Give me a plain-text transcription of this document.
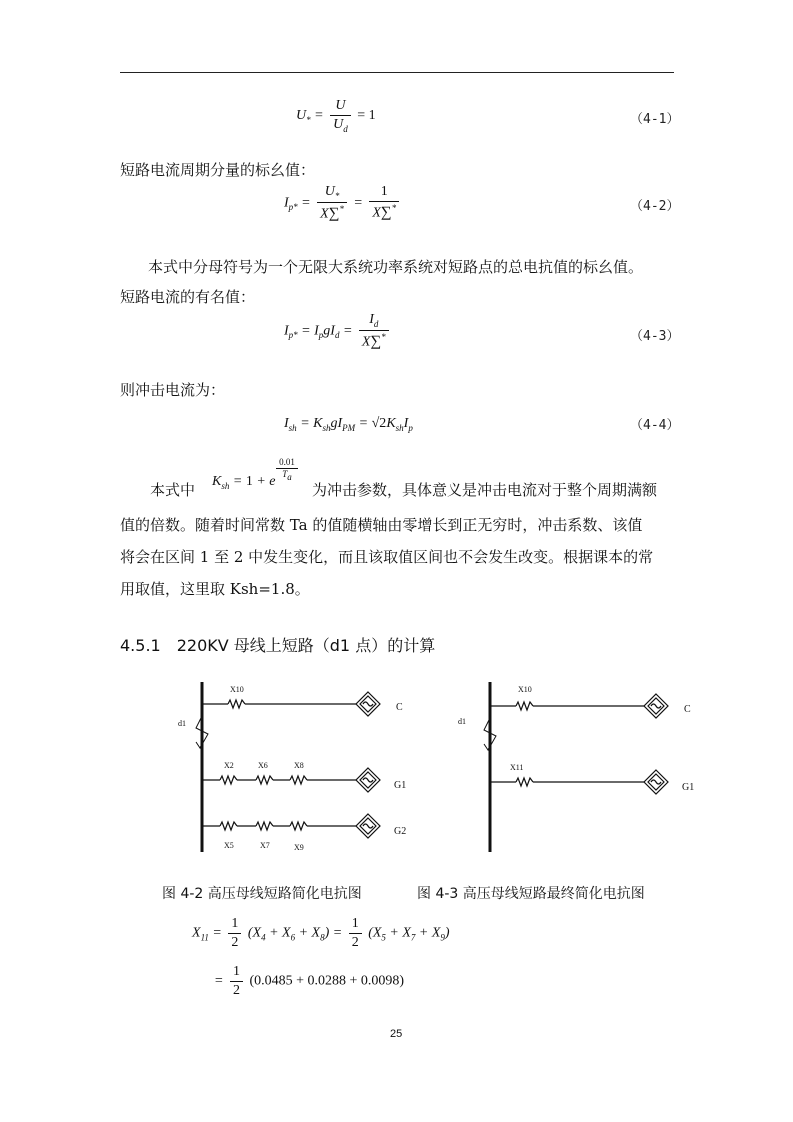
$U_* = \frac{U}{U_d} = 1$	（4-1）
短路电流周期分量的标幺值：
$I_{p*} = \frac{U_*}{X\sum^*} = \frac{1}{X\sum^*}$	（4-2）
本式中分母符号为一个无限大系统功率系统对短路点的总电抗值的标幺值。
短路电流的有名值：
$I_{p*} = I_pgI_d = \frac{I_d}{X\sum^*}$	（4-3）
则冲击电流为：
$I_{sh} = K_{sh}gI_{PM} = √2K_{sh}I_p$	（4-4）
本式中 $K_{sh} = 1 + e$
0.01
$T_a$
为冲击参数，具体意义是冲击电流对于整个周期满额
值的倍数。随着时间常数 Ta 的值随横轴由零增长到正无穷时，冲击系数、该值
将会在区间 1 至 2 中发生变化，而且该取值区间也不会发生改变。根据课本的常
用取值，这里取 Ksh=1.8。
4.5.1　220KV 母线上短路（d1 点）的计算
X10
d1
X2	X6	X8
X5	X7	X9
C
G1
G2
X10
d1
X11
C
G1
图 4-2 高压母线短路简化电抗图	图 4-3 高压母线短路最终简化电抗图
$X_{11} = \frac{1}{2} (X_4 + X_6 + X_8) = \frac{1}{2} (X_5 + X_7 + X_9)$
= $\frac{1}{2} (0.0485 + 0.0288 + 0.0098)$
25
